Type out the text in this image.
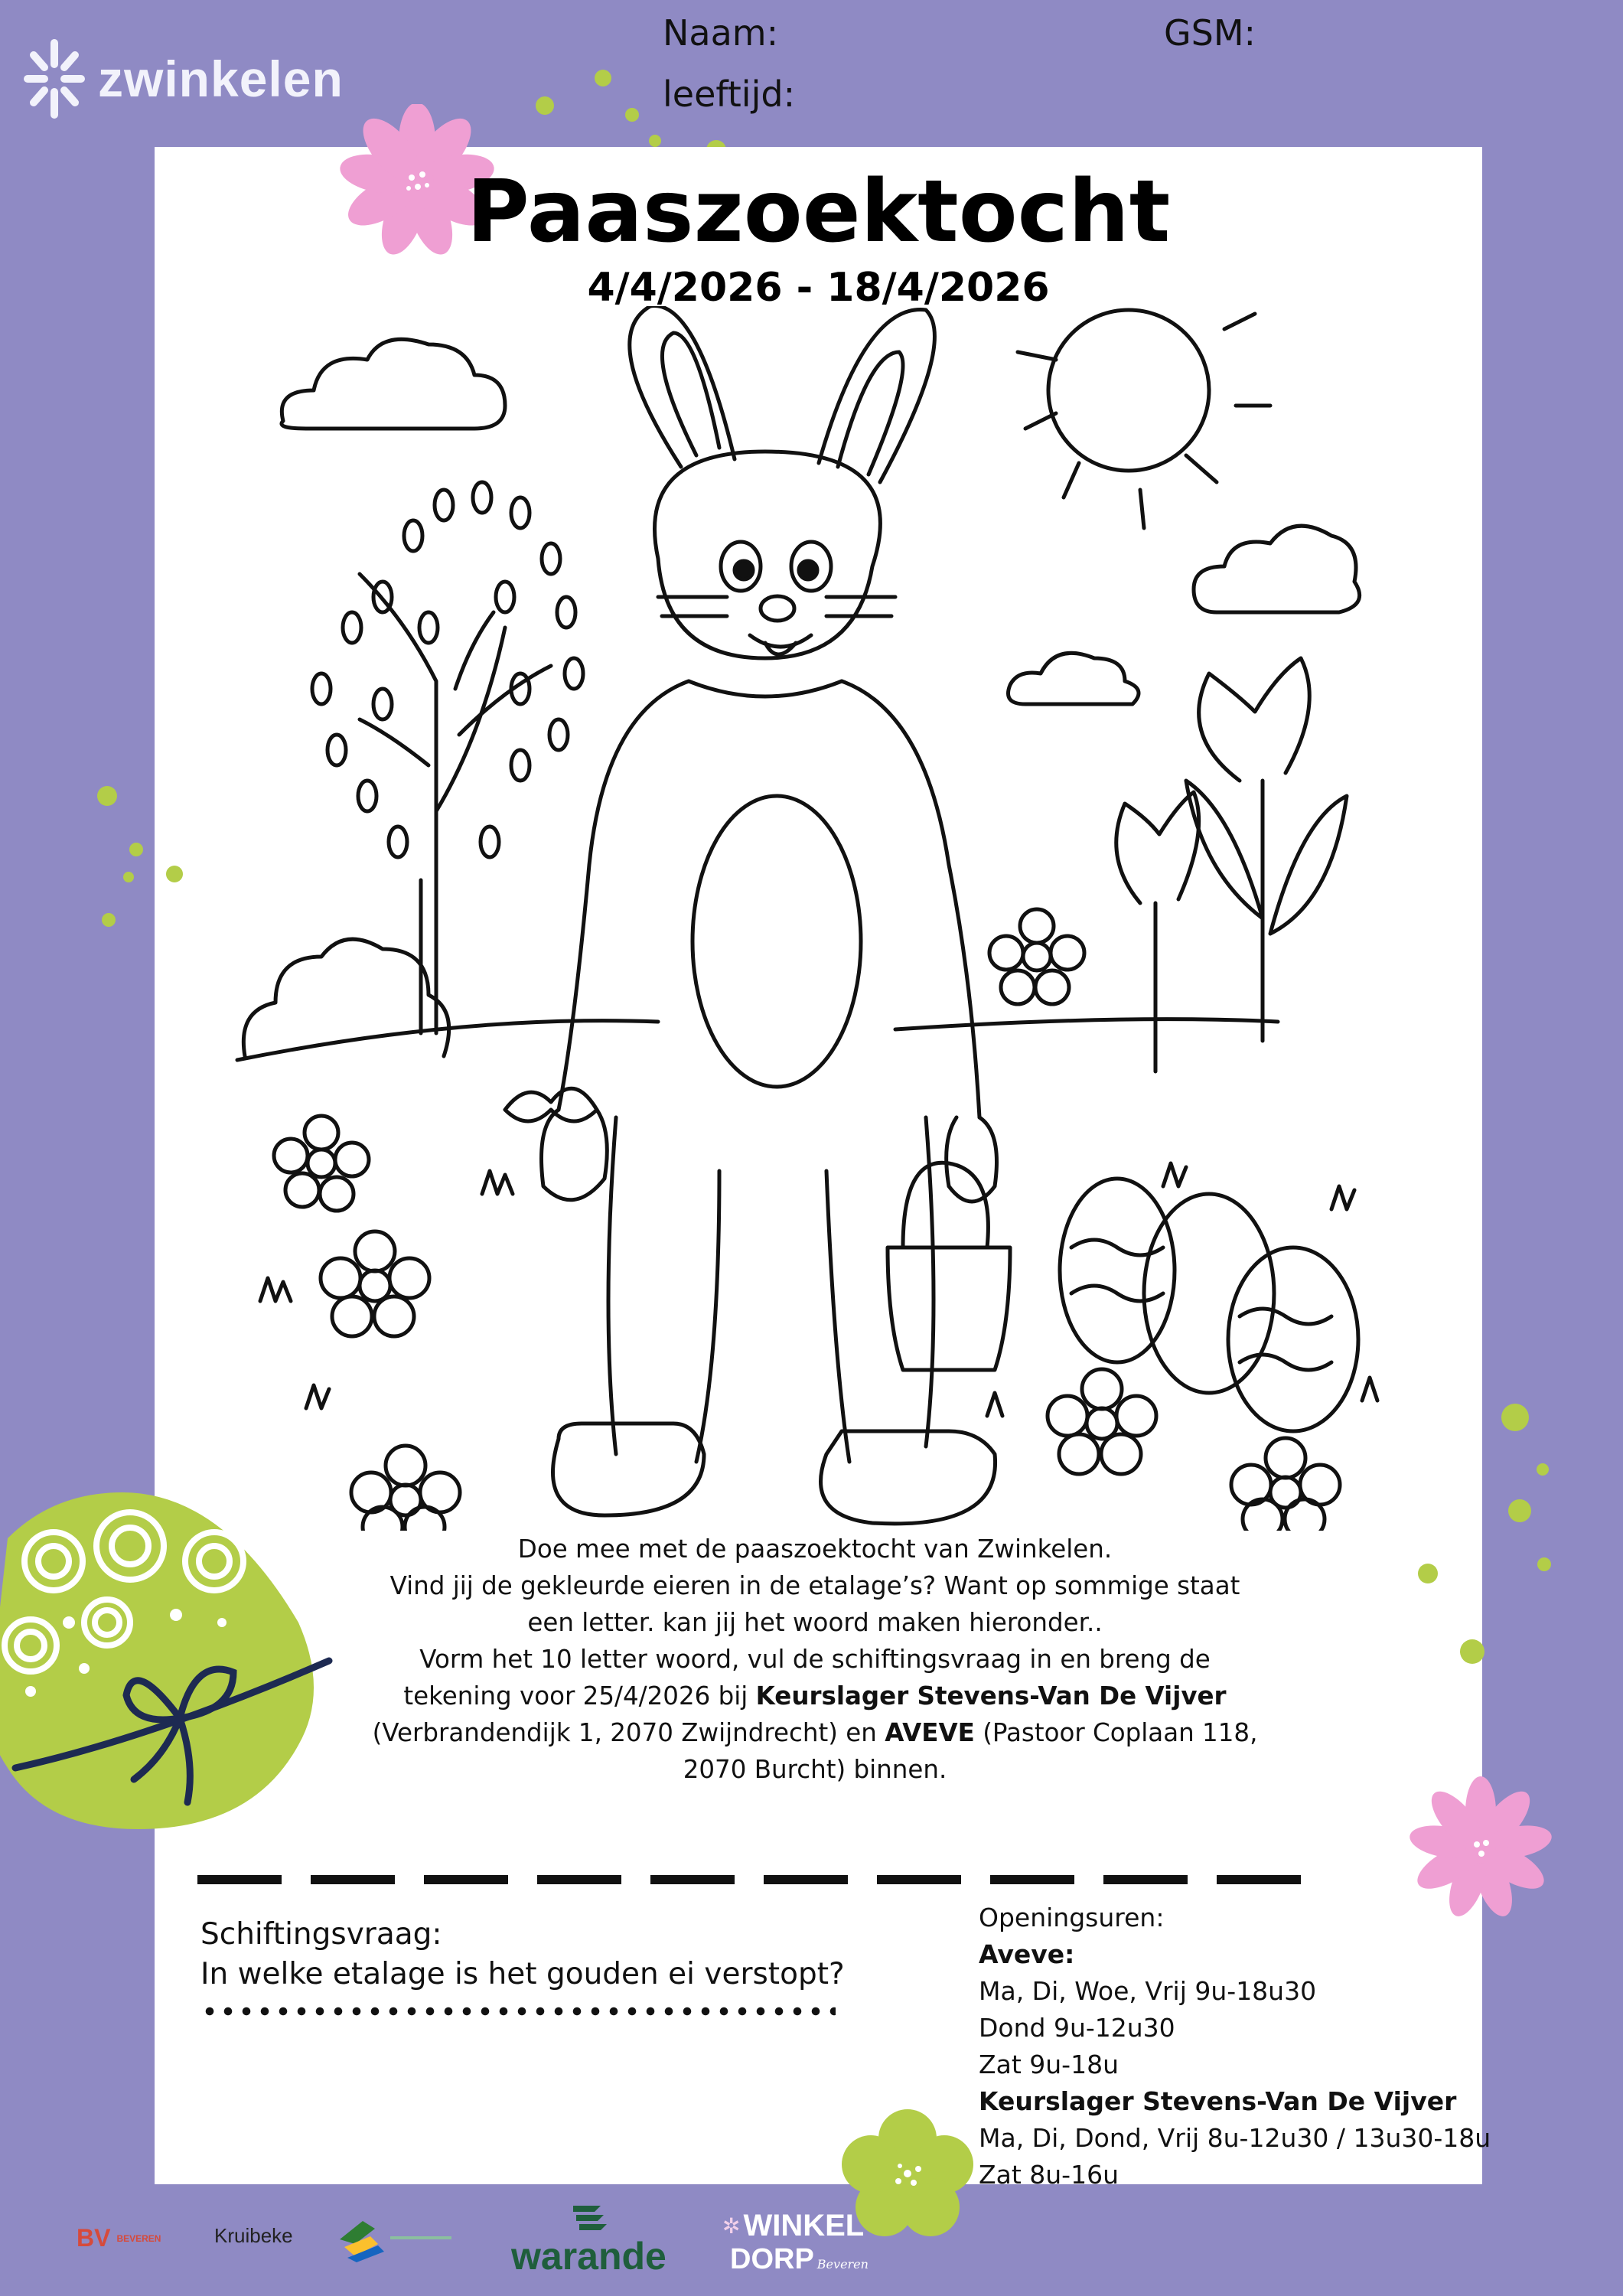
zwinkelen
Naam:
leeftijd:
GSM:
Paaszoektocht
4/4/2026 - 18/4/2026

Doe mee met de paaszoektocht van Zwinkelen.

Vind jij de gekleurde eieren in de etalage’s? Want op sommige staat

een letter. kan jij het woord maken hieronder..

Vorm het 10 letter woord, vul de schiftingsvraag in en breng de

tekening voor 25/4/2026 bij Keurslager Stevens-Van De Vijver

(Verbrandendijk 1, 2070 Zwijndrecht) en AVEVE (Pastoor Coplaan 118,

2070 Burcht) binnen.

Schiftingsvraag:

In welke etalage is het gouden ei verstopt?

Openingsuren:

Aveve:

Ma, Di, Woe, Vrij 9u-18u30

Dond 9u-12u30

Zat 9u-18u

Keurslager Stevens-Van De Vijver

Ma, Di, Dond, Vrij 8u-12u30 / 13u30-18u

Zat 8u-16u

BV BEVEREN	Kruibeke	warande
✲ WINKEL
DORP Beveren
